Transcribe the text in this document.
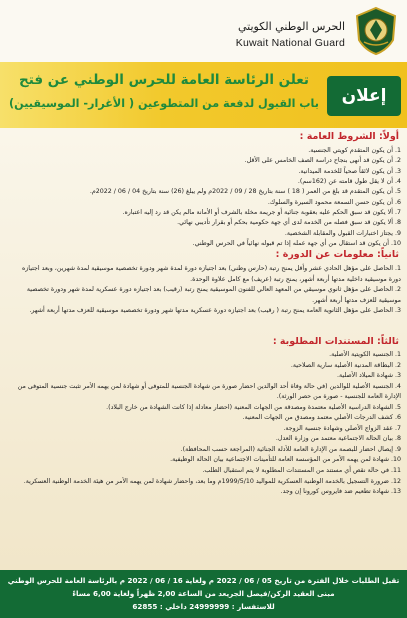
الحرس الوطني الكويتي
Kuwait National Guard
تعلن الرئاسة العامة للحرس الوطني عن فتح
باب القبول لدفعة من المتطوعين ( الأغرار- الموسيقيين)	إعلان
أولاً: الشروط العامة :
1. أن يكون المتقدم كويتي الجنسية.
2. أن يكون قد أنهى بنجاح دراسة الصف الخامس على الأقل.
3. أن يكون لائقاً صحياً للخدمة الميدانية.
4. أن لا يقل طول قامته عن (162سم).
5. أن يكون المتقدم قد بلغ من العمر ( 18 ) سنة بتاريخ 28 / 09 / 2022م ولم يبلغ (26) سنة بتاريخ 04 / 06 / 2022م.
6. أن يكون حسن السمعة محمود السيرة والسلوك.
7. ألا يكون قد سبق الحكم عليه بعقوبة جنائية أو جريمة مخلة بالشرف أو الأمانة مالم يكن قد رد إليه اعتباره.
8. ألا يكون قد سبق فصله من الخدمة لدى أي جهة حكومية بحكم أو بقرار تأديبي نهائي.
9. يجتاز اختبارات القبول والمقابلة الشخصية.
10. أن يكون قد استقال من أي جهة عمله إذا تم قبوله نهائياً في الحرس الوطني.
ثانياً: معلومات عن الدورة :
1. الحاصل على مؤهل الحادي عشر وأقل يمنح رتبة (حارس وطني) بعد اجتيازه دورة لمدة شهر ودورة تخصصية موسيقية لمدة شهرين، وبعد اجتيازه دورة موسيقية داخلية مدتها أربعة أشهر، يمنح رتبة (عريف) مع كامل علاوة الوحدة.
2. الحاصل على مؤهل ثانوي موسيقي من المعهد العالي للفنون الموسيقية يمنح رتبة (رقيب) بعد اجتيازه دورة عسكرية لمدة شهر ودورة تخصصية موسيقية للعزف مدتها أربعة أشهر.
3. الحاصل على مؤهل الثانوية العامة يمنح رتبة ( رقيب) بعد اجتيازه دورة عسكرية مدتها شهر ودورة تخصصية موسيقية للعزف مدتها أربعة أشهر.
ثالثاً: المستندات المطلوبة :
1. الجنسية الكويتية الأصلية.
2. البطاقة المدنية الأصلية سارية الصلاحية.
3. شهادة الميلاد الأصلية.
4. الجنسية الأصلية للوالدين (في حالة وفاة أحد الوالدين احضار صورة من شهادة الجنسية للمتوفى أو شهادة لمن يهمه الأمر تثبت جنسية المتوفى من الإدارة العامة للجنسية - صورة من حصر الورثة).
5. الشهادة الدراسية الأصلية معتمدة ومصدقة من الجهات المعنية (احضار معادلة إذا كانت الشهادة من خارج البلاد).
6. كشف الدرجات الأصلي معتمد ومصدق من الجهات المعنية.
7. عقد الزواج الأصلي وشهادة جنسية الزوجة.
8. بيان الحالة الاجتماعية معتمد من وزارة العدل.
9. إيصال احضار للبصمة من الإدارة العامة للأدلة الجنائية (المراجعة حسب المحافظة).
10. شهادة لمن يهمه الأمر من المؤسسة العامة للتأمينات الاجتماعية بيان الحالة الوظيفية.
11. في حالة نقص أي مستند من المستندات المطلوبة لا يتم استقبال الطلب.
12. ضرورة التسجيل بالخدمة الوطنية العسكرية للمواليد 1999/5/10م وما بعد، واحضار شهادة لمن يهمه الأمر من هيئة الخدمة الوطنية العسكرية.
13. شهادة تطعيم ضد فايروس كورونا إن وجد.
تقبل الطلبات خلال الفترة من تاريخ 05 / 06 / 2022 م ولغاية 16 / 06 / 2022 م بالرئاسة العامة للحرس الوطني
مبنى العقيد الركن/فيصل الجريعد من الساعة 2,00 ظهراً ولغاية 6,00 مساءً
للاستفسار : 24999999 داخلي : 62855
